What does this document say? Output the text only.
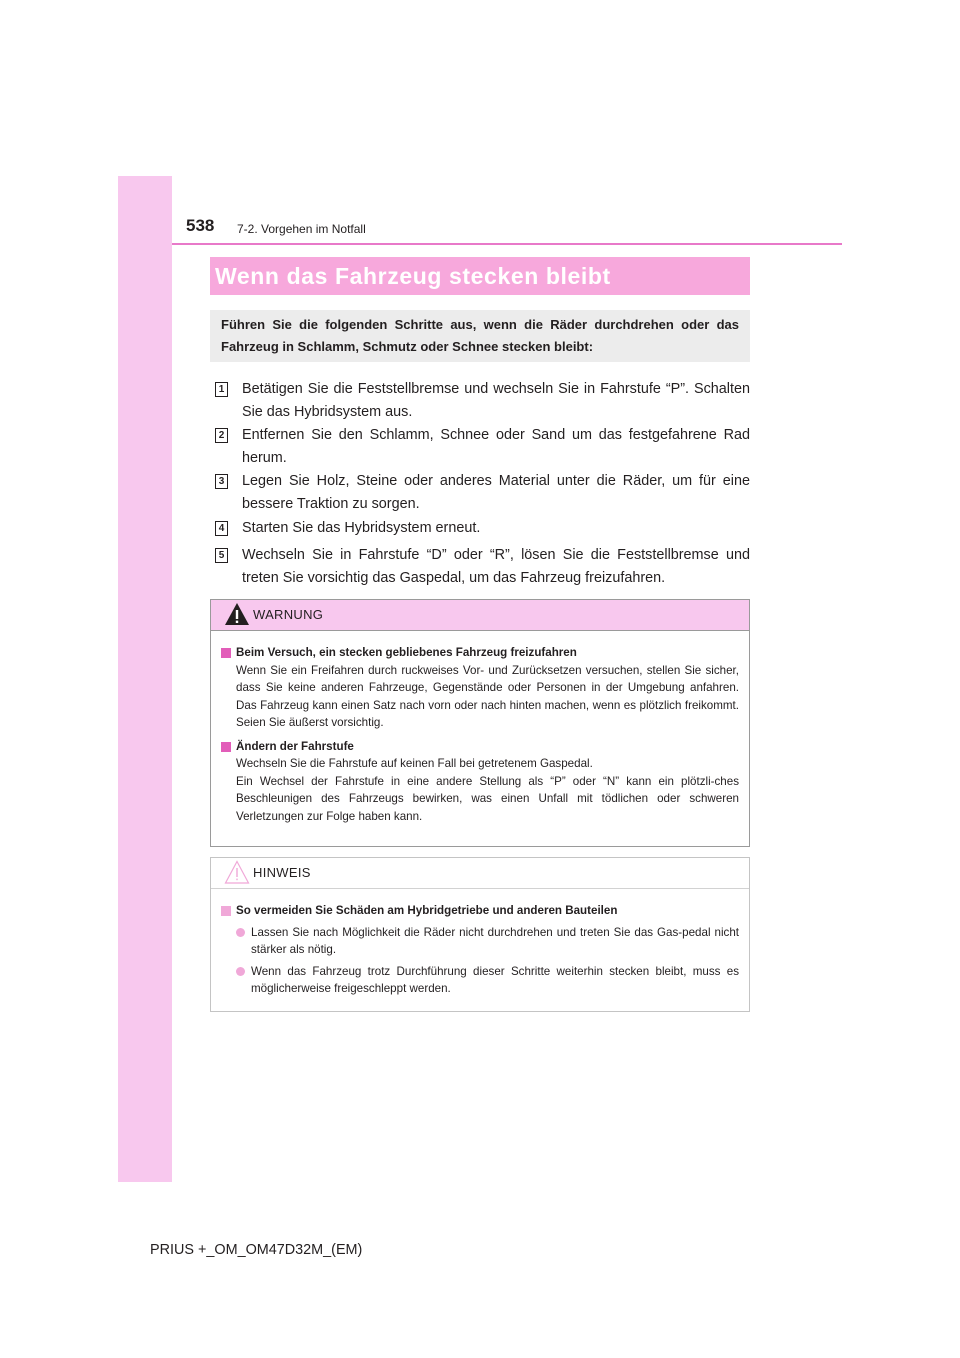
538 7-2. Vorgehen im Notfall
Wenn das Fahrzeug stecken bleibt
Führen Sie die folgenden Schritte aus, wenn die Räder durchdrehen oder das Fahrzeug in Schlamm, Schmutz oder Schnee stecken bleibt:
1 Betätigen Sie die Feststellbremse und wechseln Sie in Fahrstufe “P”. Schalten Sie das Hybridsystem aus.
2 Entfernen Sie den Schlamm, Schnee oder Sand um das festgefahrene Rad herum.
3 Legen Sie Holz, Steine oder anderes Material unter die Räder, um für eine bessere Traktion zu sorgen.
4 Starten Sie das Hybridsystem erneut.
5 Wechseln Sie in Fahrstufe “D” oder “R”, lösen Sie die Feststellbremse und treten Sie vorsichtig das Gaspedal, um das Fahrzeug freizufahren.
WARNUNG
Beim Versuch, ein stecken gebliebenes Fahrzeug freizufahren
Wenn Sie ein Freifahren durch ruckweises Vor- und Zurücksetzen versuchen, stellen Sie sicher, dass Sie keine anderen Fahrzeuge, Gegenstände oder Personen in der Umgebung anfahren. Das Fahrzeug kann einen Satz nach vorn oder nach hinten machen, wenn es plötzlich freikommt. Seien Sie äußerst vorsichtig.
Ändern der Fahrstufe
Wechseln Sie die Fahrstufe auf keinen Fall bei getretenem Gaspedal.
Ein Wechsel der Fahrstufe in eine andere Stellung als “P” oder “N” kann ein plötzli-ches Beschleunigen des Fahrzeugs bewirken, was einen Unfall mit tödlichen oder schweren Verletzungen zur Folge haben kann.
HINWEIS
So vermeiden Sie Schäden am Hybridgetriebe und anderen Bauteilen
Lassen Sie nach Möglichkeit die Räder nicht durchdrehen und treten Sie das Gas-pedal nicht stärker als nötig.
Wenn das Fahrzeug trotz Durchführung dieser Schritte weiterhin stecken bleibt, muss es möglicherweise freigeschleppt werden.
PRIUS +_OM_OM47D32M_(EM)
